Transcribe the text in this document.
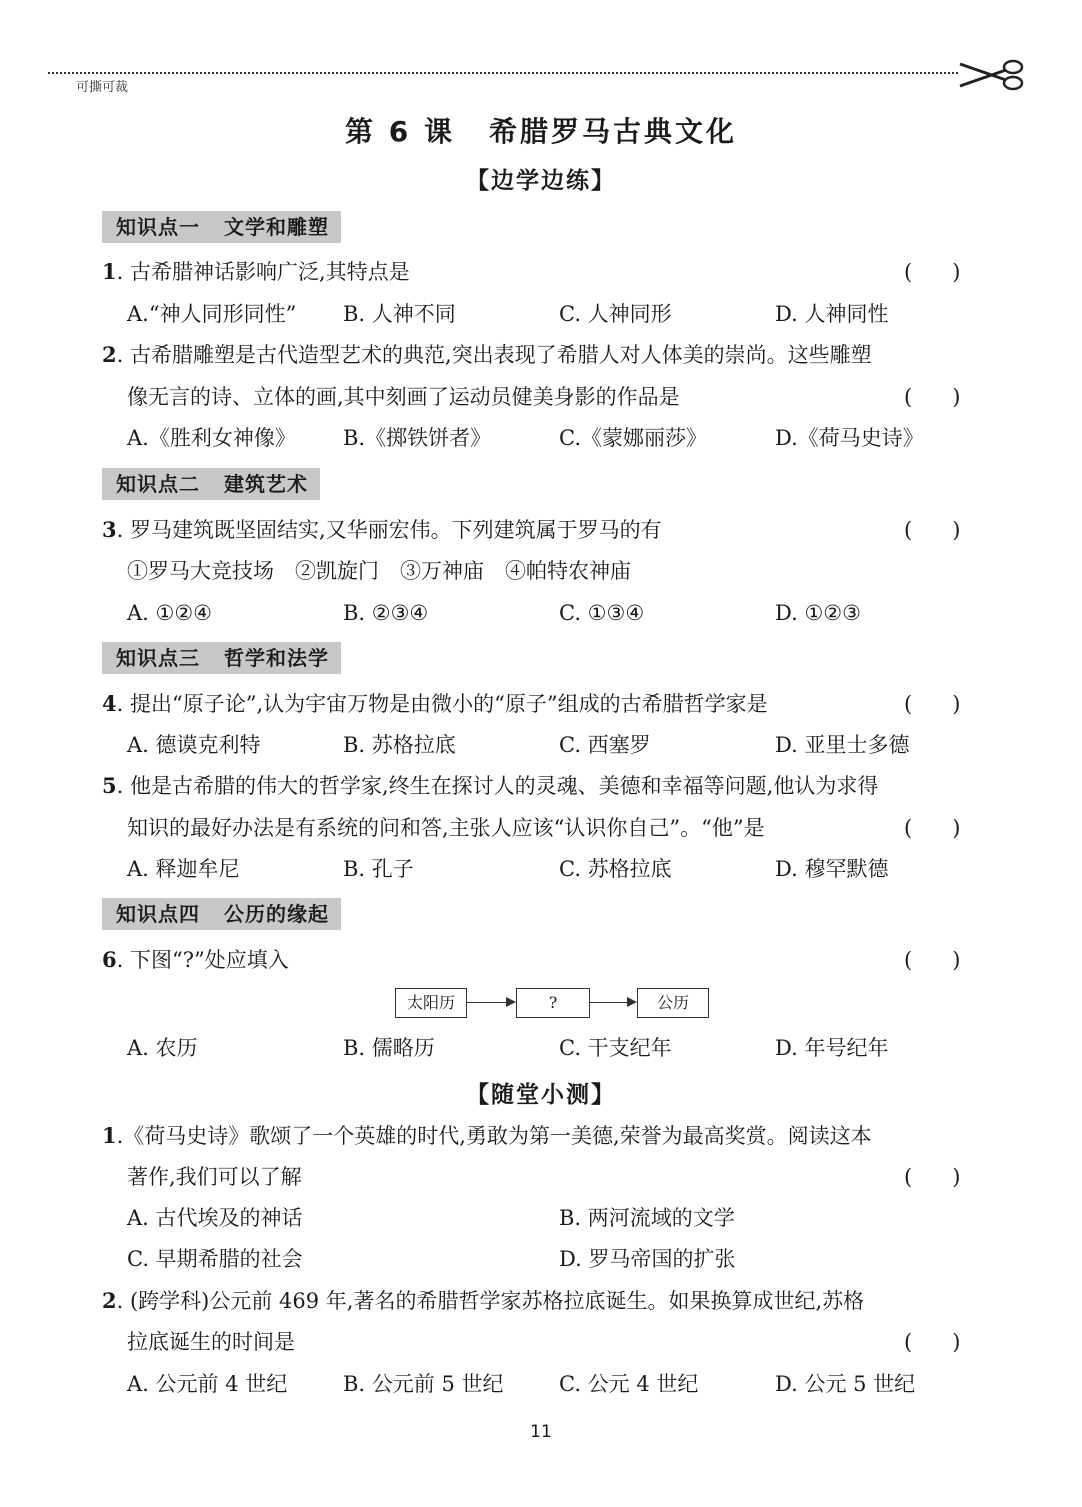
可撕可裁
第 6 课 希腊罗马古典文化
【边学边练】
知识点一 文学和雕塑
1. 古希腊神话影响广泛,其特点是	(      )
A.“神人同形同性” B. 人神不同	C. 人神同形	D. 人神同性
2. 古希腊雕塑是古代造型艺术的典范,突出表现了希腊人对人体美的崇尚。这些雕塑
像无言的诗、立体的画,其中刻画了运动员健美身影的作品是	(      )
A.《胜利女神像》 B.《掷铁饼者》	C.《蒙娜丽莎》	D.《荷马史诗》
知识点二 建筑艺术
3. 罗马建筑既坚固结实,又华丽宏伟。下列建筑属于罗马的有	(      )
①罗马大竞技场　②凯旋门　③万神庙　④帕特农神庙
A. ①②④	B. ②③④	C. ①③④	D. ①②③
知识点三 哲学和法学
4. 提出“原子论”,认为宇宙万物是由微小的“原子”组成的古希腊哲学家是	(      )
A. 德谟克利特	B. 苏格拉底	C. 西塞罗	D. 亚里士多德
5. 他是古希腊的伟大的哲学家,终生在探讨人的灵魂、美德和幸福等问题,他认为求得
知识的最好办法是有系统的问和答,主张人应该“认识你自己”。“他”是	(      )
A. 释迦牟尼	B. 孔子	C. 苏格拉底	D. 穆罕默德
知识点四 公历的缘起
6. 下图“?”处应填入	(      )
太阳历	?	公历
A. 农历	B. 儒略历	C. 干支纪年	D. 年号纪年
【随堂小测】
1.《荷马史诗》歌颂了一个英雄的时代,勇敢为第一美德,荣誉为最高奖赏。阅读这本
著作,我们可以了解	(      )
A. 古代埃及的神话	B. 两河流域的文学
C. 早期希腊的社会	D. 罗马帝国的扩张
2. (跨学科)公元前 469 年,著名的希腊哲学家苏格拉底诞生。如果换算成世纪,苏格
拉底诞生的时间是	(      )
A. 公元前 4 世纪	B. 公元前 5 世纪	C. 公元 4 世纪	D. 公元 5 世纪
11
